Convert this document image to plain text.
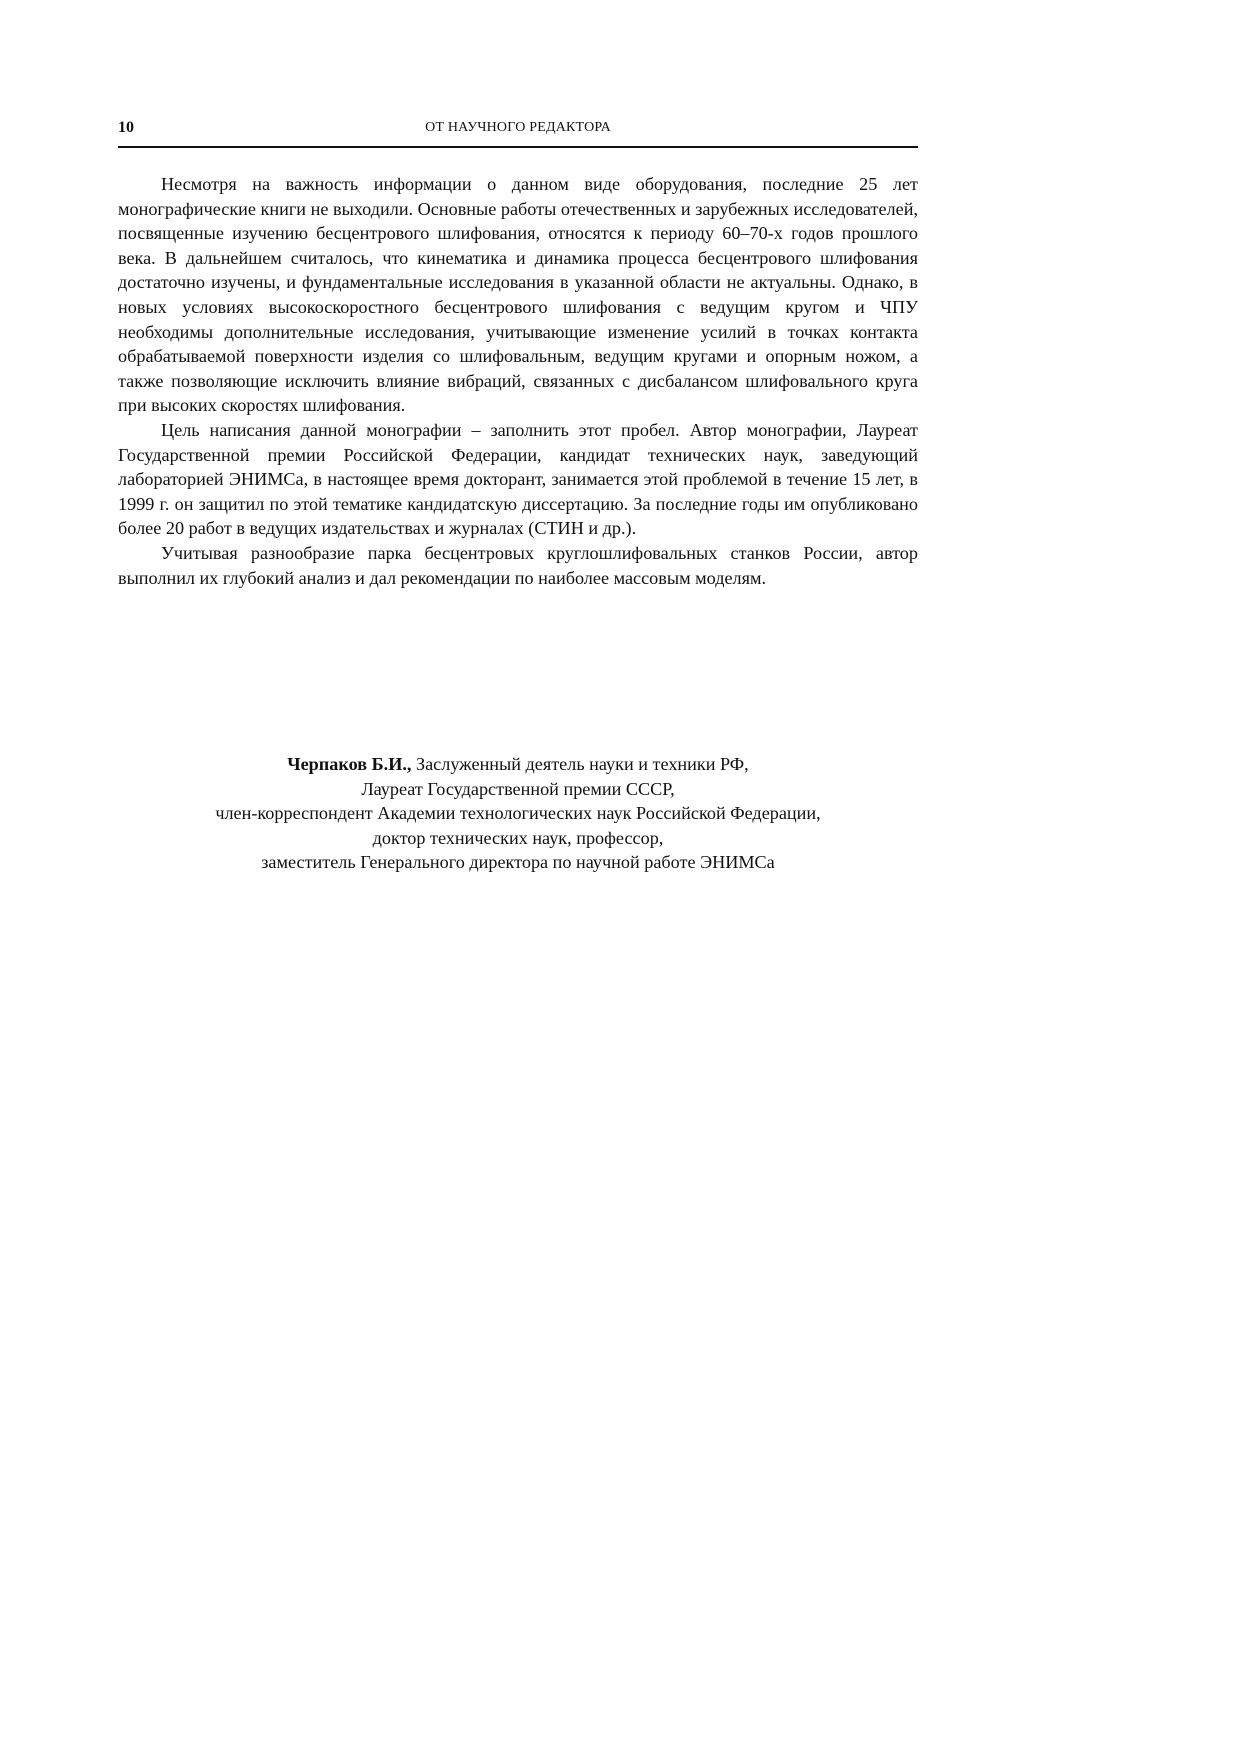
10	ОТ НАУЧНОГО РЕДАКТОРА

Несмотря на важность информации о данном виде оборудования, последние 25 лет монографические книги не выходили. Основные работы отечественных и зарубежных исследователей, посвященные изучению бесцентрового шлифования, относятся к периоду 60–70-х годов прошлого века. В дальнейшем считалось, что кинематика и динамика процесса бесцентрового шлифования достаточно изучены, и фундаментальные исследования в указанной области не актуальны. Однако, в новых условиях высокоскоростного бесцентрового шлифования с ведущим кругом и ЧПУ необходимы дополнительные исследования, учитывающие изменение усилий в точках контакта обрабатываемой поверхности изделия со шлифовальным, ведущим кругами и опорным ножом, а также позволяющие исключить влияние вибраций, связанных с дисбалансом шлифовального круга при высоких скоростях шлифования.

Цель написания данной монографии – заполнить этот пробел. Автор монографии, Лауреат Государственной премии Российской Федерации, кандидат технических наук, заведующий лабораторией ЭНИМСа, в настоящее время докторант, занимается этой проблемой в течение 15 лет, в 1999 г. он защитил по этой тематике кандидатскую диссертацию. За последние годы им опубликовано более 20 работ в ведущих издательствах и журналах (СТИН и др.).

Учитывая разнообразие парка бесцентровых круглошлифовальных станков России, автор выполнил их глубокий анализ и дал рекомендации по наиболее массовым моделям.

Черпаков Б.И., Заслуженный деятель науки и техники РФ,
Лауреат Государственной премии СССР,
член-корреспондент Академии технологических наук Российской Федерации,
доктор технических наук, профессор,
заместитель Генерального директора по научной работе ЭНИМСа
